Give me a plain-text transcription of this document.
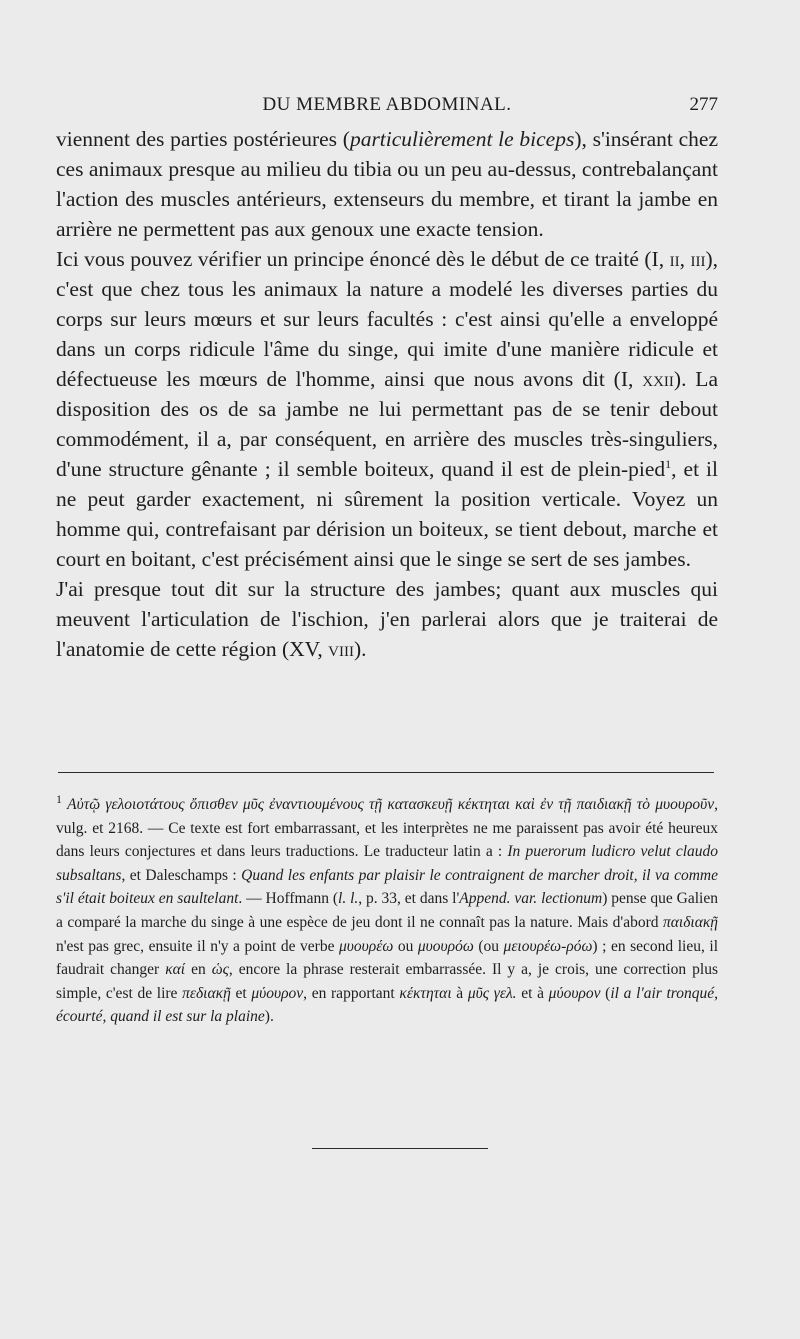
DU MEMBRE ABDOMINAL.	277

viennent des parties postérieures (particulièrement le biceps), s'insérant chez ces animaux presque au milieu du tibia ou un peu au-dessus, contrebalançant l'action des muscles antérieurs, extenseurs du membre, et tirant la jambe en arrière ne permettent pas aux genoux une exacte tension.

Ici vous pouvez vérifier un principe énoncé dès le début de ce traité (I, ii, iii), c'est que chez tous les animaux la nature a modelé les diverses parties du corps sur leurs mœurs et sur leurs facultés : c'est ainsi qu'elle a enveloppé dans un corps ridicule l'âme du singe, qui imite d'une manière ridicule et défectueuse les mœurs de l'homme, ainsi que nous avons dit (I, xxii). La disposition des os de sa jambe ne lui permettant pas de se tenir debout commodément, il a, par conséquent, en arrière des muscles très-singuliers, d'une structure gênante ; il semble boiteux, quand il est de plein-pied$^1$, et il ne peut garder exactement, ni sûrement la position verticale. Voyez un homme qui, contrefaisant par dérision un boiteux, se tient debout, marche et court en boitant, c'est précisément ainsi que le singe se sert de ses jambes.

J'ai presque tout dit sur la structure des jambes; quant aux muscles qui meuvent l'articulation de l'ischion, j'en parlerai alors que je traiterai de l'anatomie de cette région (XV, viii).

$^1$ Αὐτῷ γελοιοτάτους ὄπισθεν μῦς ἐναντιουμένους τῇ κατασκευῇ κέκτηται καὶ ἐν τῇ παιδιακῇ τὸ μυουροῦν, vulg. et 2168. — Ce texte est fort embarrassant, et les interprètes ne me paraissent pas avoir été heureux dans leurs conjectures et dans leurs traductions. Le traducteur latin a : In puerorum ludicro velut claudo subsaltans, et Daleschamps : Quand les enfants par plaisir le contraignent de marcher droit, il va comme s'il était boiteux en saultelant. — Hoffmann (l. l., p. 33, et dans l'Append. var. lectionum) pense que Galien a comparé la marche du singe à une espèce de jeu dont il ne connaît pas la nature. Mais d'abord παιδιακῇ n'est pas grec, ensuite il n'y a point de verbe μυουρέω ou μυουρόω (ou μειουρέω-ρόω) ; en second lieu, il faudrait changer καί en ὡς, encore la phrase resterait embarrassée. Il y a, je crois, une correction plus simple, c'est de lire πεδιακῇ et μύουρον, en rapportant κέκτηται à μῦς γελ. et à μύουρον (il a l'air tronqué, écourté, quand il est sur la plaine).
